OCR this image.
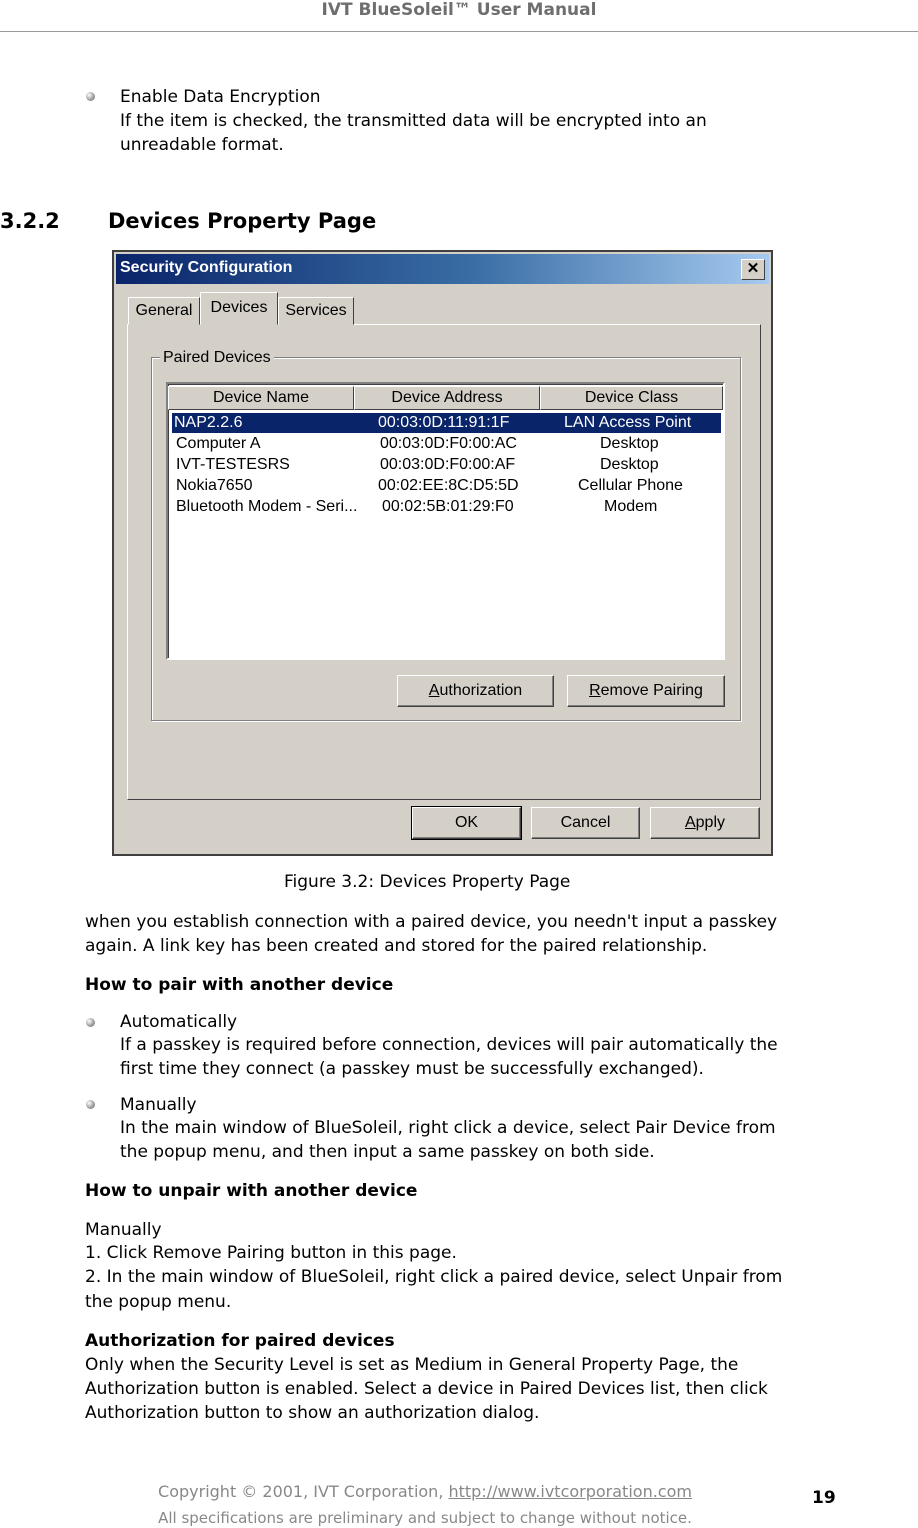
IVT BlueSoleil™ User Manual
Enable Data Encryption
If the item is checked, the transmitted data will be encrypted into an
unreadable format.
3.2.2 Devices Property Page
Security Configuration	✕
General	Devices	Services
Paired Devices
Device Name	Device Address	Device Class
NAP2.2.6	00:03:0D:11:91:1F	LAN Access Point
Computer A	00:03:0D:F0:00:AC	Desktop
IVT-TESTESRS	00:03:0D:F0:00:AF	Desktop
Nokia7650	00:02:EE:8C:D5:5D	Cellular Phone
Bluetooth Modem - Seri... 00:02:5B:01:29:F0	Modem
Authorization	Remove Pairing
OK	Cancel	Apply
Figure 3.2: Devices Property Page
when you establish connection with a paired device, you needn't input a passkey
again. A link key has been created and stored for the paired relationship.
How to pair with another device
Automatically
If a passkey is required before connection, devices will pair automatically the
first time they connect (a passkey must be successfully exchanged).
Manually
In the main window of BlueSoleil, right click a device, select Pair Device from
the popup menu, and then input a same passkey on both side.
How to unpair with another device
Manually
1. Click Remove Pairing button in this page.
2. In the main window of BlueSoleil, right click a paired device, select Unpair from
the popup menu.
Authorization for paired devices
Only when the Security Level is set as Medium in General Property Page, the
Authorization button is enabled. Select a device in Paired Devices list, then click
Authorization button to show an authorization dialog.
Copyright © 2001, IVT Corporation, http://www.ivtcorporation.com
All specifications are preliminary and subject to change without notice.
19
